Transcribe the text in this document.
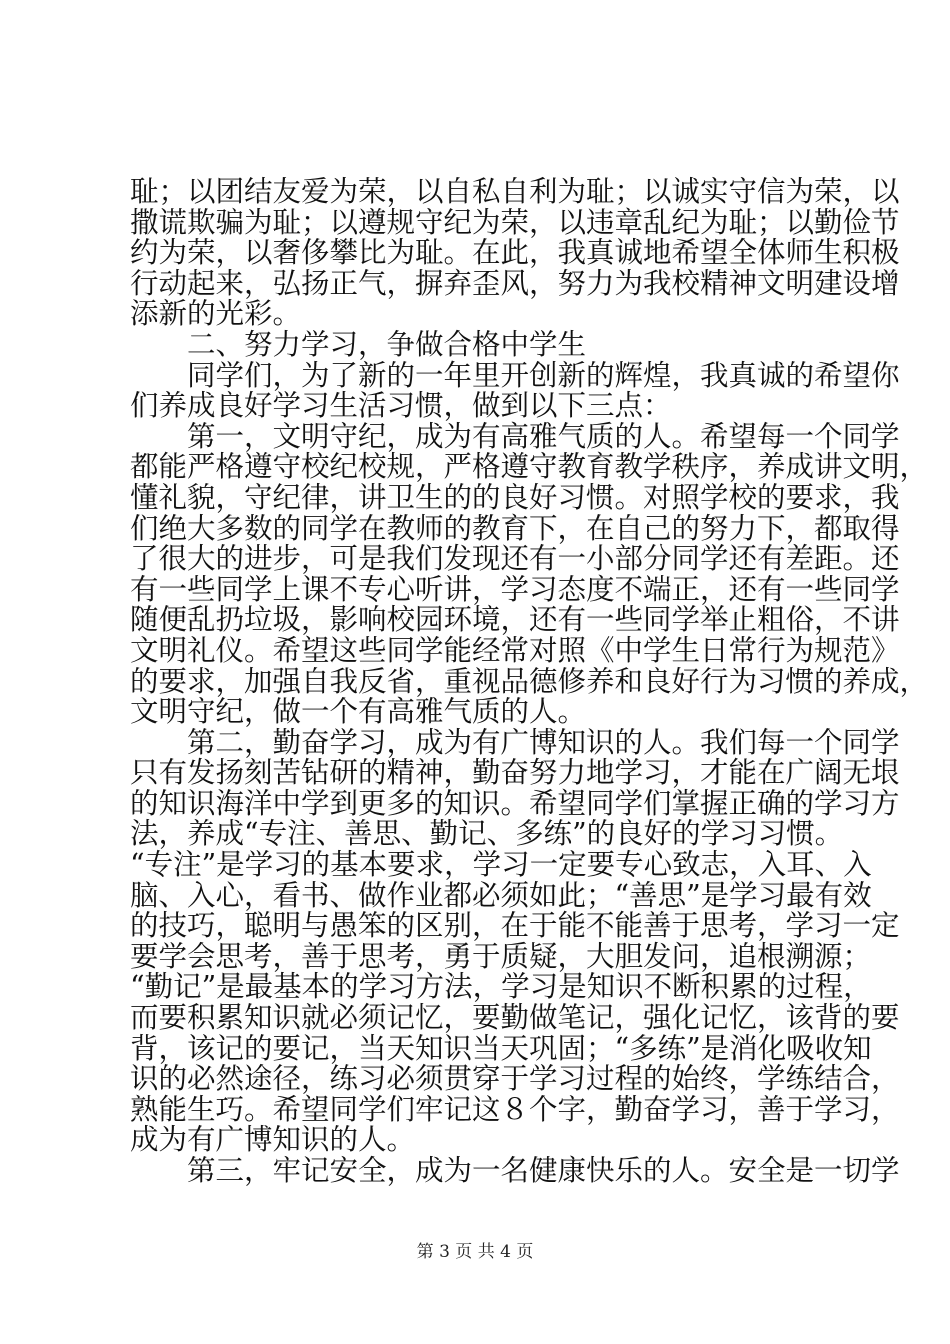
耻；以团结友爱为荣，以自私自利为耻；以诚实守信为荣，以
撒谎欺骗为耻；以遵规守纪为荣，以违章乱纪为耻；以勤俭节
约为荣，以奢侈攀比为耻。在此，我真诚地希望全体师生积极
行动起来，弘扬正气，摒弃歪风，努力为我校精神文明建设增
添新的光彩。
二、努力学习，争做合格中学生
同学们，为了新的一年里开创新的辉煌，我真诚的希望你
们养成良好学习生活习惯，做到以下三点：
第一，文明守纪，成为有高雅气质的人。希望每一个同学
都能严格遵守校纪校规，严格遵守教育教学秩序，养成讲文明，
懂礼貌，守纪律，讲卫生的的良好习惯。对照学校的要求，我
们绝大多数的同学在教师的教育下，在自己的努力下，都取得
了很大的进步，可是我们发现还有一小部分同学还有差距。还
有一些同学上课不专心听讲，学习态度不端正，还有一些同学
随便乱扔垃圾，影响校园环境，还有一些同学举止粗俗，不讲
文明礼仪。希望这些同学能经常对照《中学生日常行为规范》
的要求，加强自我反省，重视品德修养和良好行为习惯的养成，
文明守纪，做一个有高雅气质的人。
第二，勤奋学习，成为有广博知识的人。我们每一个同学
只有发扬刻苦钻研的精神，勤奋努力地学习，才能在广阔无垠
的知识海洋中学到更多的知识。希望同学们掌握正确的学习方
法，养成“专注、善思、勤记、多练”的良好的学习习惯。
“专注”是学习的基本要求，学习一定要专心致志，入耳、入
脑、入心，看书、做作业都必须如此；“善思”是学习最有效
的技巧，聪明与愚笨的区别，在于能不能善于思考，学习一定
要学会思考，善于思考，勇于质疑，大胆发问，追根溯源；
“勤记”是最基本的学习方法，学习是知识不断积累的过程，
而要积累知识就必须记忆，要勤做笔记，强化记忆，该背的要
背，该记的要记，当天知识当天巩固；“多练”是消化吸收知
识的必然途径，练习必须贯穿于学习过程的始终，学练结合，
熟能生巧。希望同学们牢记这８个字，勤奋学习，善于学习，
成为有广博知识的人。
第三，牢记安全，成为一名健康快乐的人。安全是一切学
第 3 页 共 4 页
